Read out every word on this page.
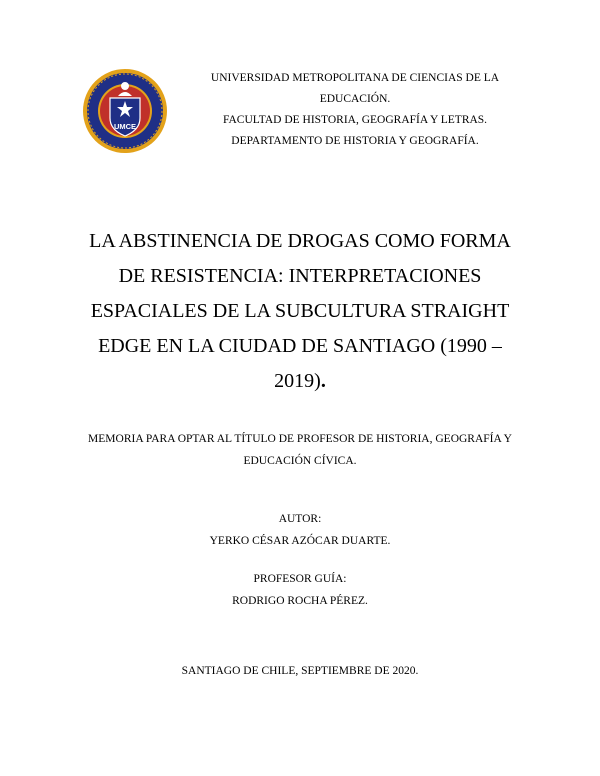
UMCE
UNIVERSIDAD METROPOLITANA DE CIENCIAS DE LA
EDUCACIÓN.
FACULTAD DE HISTORIA, GEOGRAFÍA Y LETRAS.
DEPARTAMENTO DE HISTORIA Y GEOGRAFÍA.
LA ABSTINENCIA DE DROGAS COMO FORMA
DE RESISTENCIA: INTERPRETACIONES
ESPACIALES DE LA SUBCULTURA STRAIGHT
EDGE EN LA CIUDAD DE SANTIAGO (1990 –
2019).
MEMORIA PARA OPTAR AL TÍTULO DE PROFESOR DE HISTORIA, GEOGRAFÍA Y
EDUCACIÓN CÍVICA.
AUTOR:
YERKO CÉSAR AZÓCAR DUARTE.
PROFESOR GUÍA:
RODRIGO ROCHA PÉREZ.
SANTIAGO DE CHILE, SEPTIEMBRE DE 2020.
